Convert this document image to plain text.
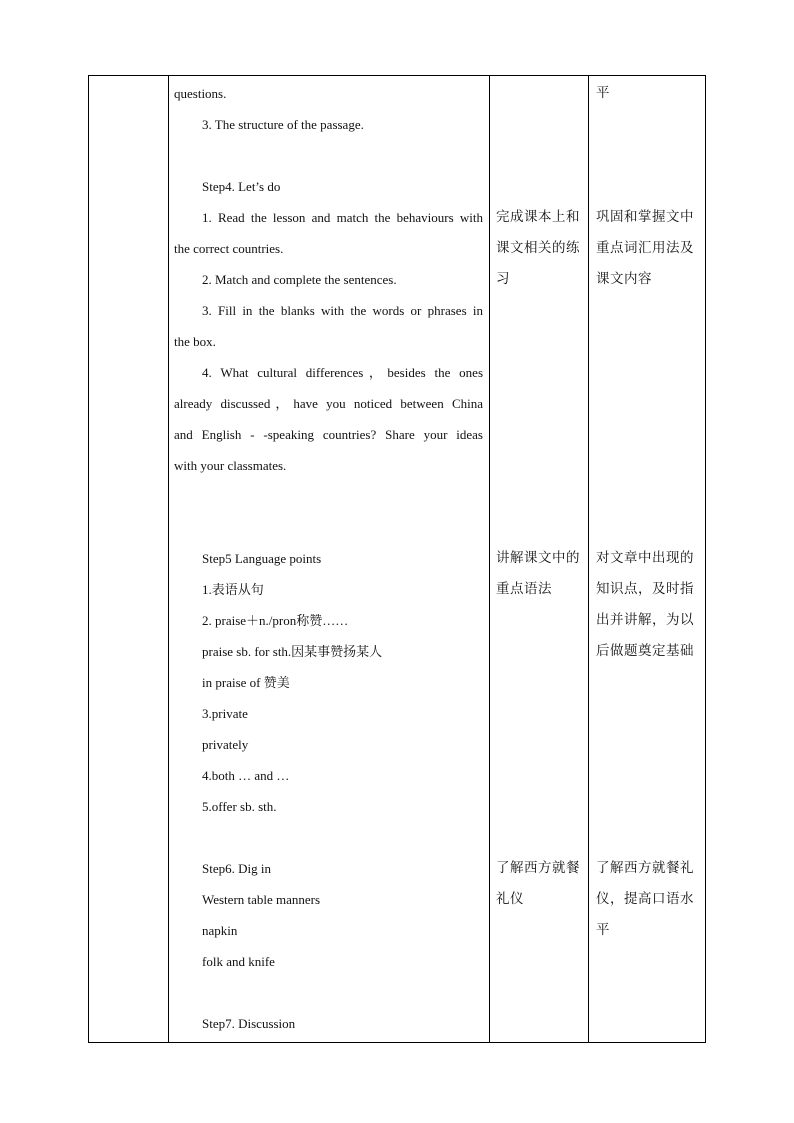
questions.
3. The structure of the passage.
Step4. Let’s do
1. Read the lesson and match the behaviours with
the correct countries.
2. Match and complete the sentences.
3. Fill in the blanks with the words or phrases in
the box.
4. What cultural differences，besides the ones
already discussed，have you noticed between China
and English - -speaking countries? Share your ideas
with your classmates.
Step5 Language points
1.表语从句
2. praise＋n./pron称赞……
praise sb. for sth.因某事赞扬某人
in praise of 赞美
3.private
privately
4.both … and …
5.offer sb. sth.
Step6. Dig in
Western table manners
napkin
folk and knife
Step7. Discussion
完成课本上和
课文相关的练
习
讲解课文中的
重点语法
了解西方就餐
礼仪
平
巩固和掌握文中
重点词汇用法及
课文内容
对文章中出现的
知识点，及时指
出并讲解，为以
后做题奠定基础
了解西方就餐礼
仪，提高口语水
平
